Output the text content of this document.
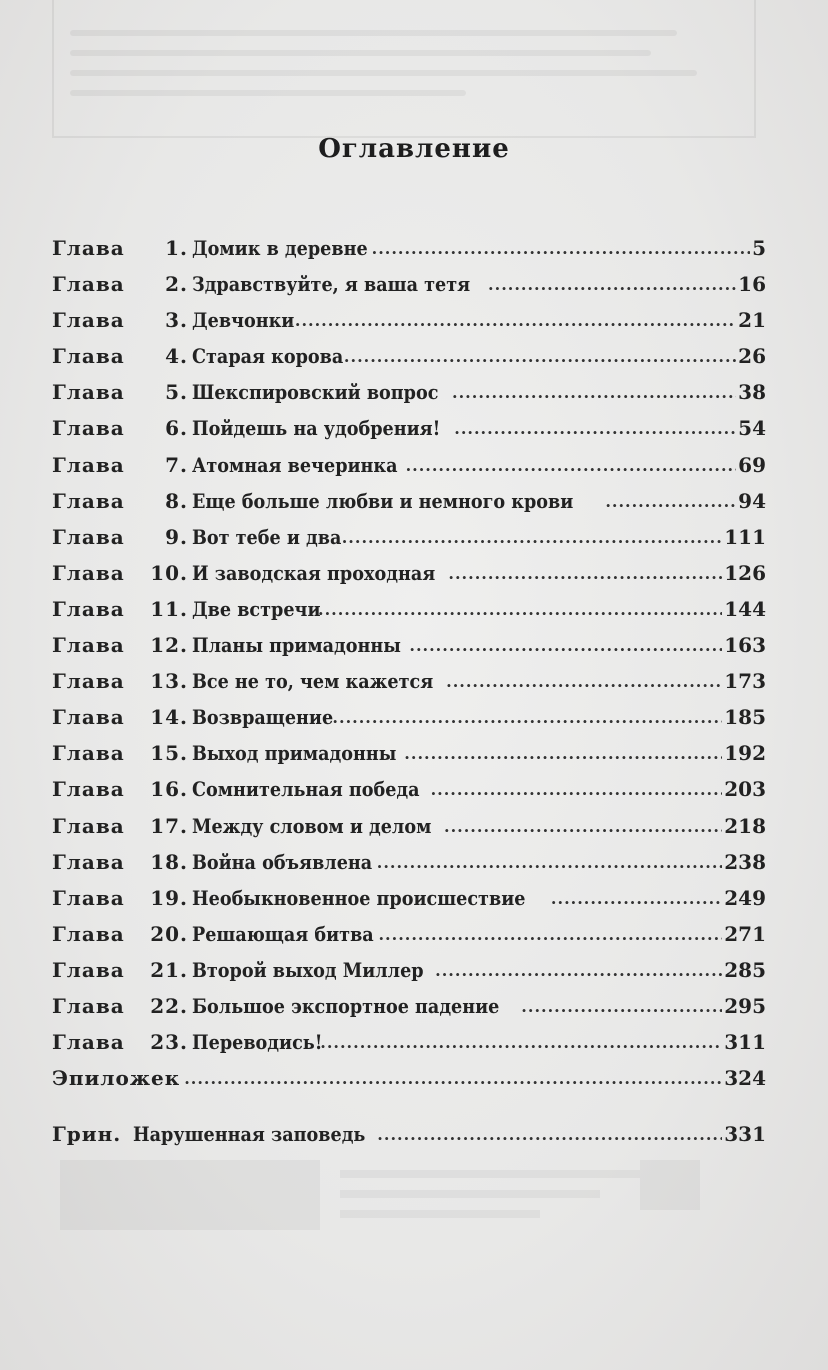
Оглавление
Глава	1. Домик в деревне .....	5
Глава	2. Здравствуйте, я ваша тетя .....	16
Глава	3. Девчонки .....	21
Глава	4. Старая корова .....	26
Глава	5. Шекспировский вопрос .....	38
Глава	6. Пойдешь на удобрения! .....	54
Глава	7. Атомная вечеринка .....	69
Глава	8. Еще больше любви и немного крови .....	94
Глава	9. Вот тебе и два .....	111
Глава	10. И заводская проходная .....	126
Глава	11. Две встречи .....	144
Глава	12. Планы примадонны .....	163
Глава	13. Все не то, чем кажется .....	173
Глава	14. Возвращение .....	185
Глава	15. Выход примадонны .....	192
Глава	16. Сомнительная победа .....	203
Глава	17. Между словом и делом .....	218
Глава	18. Война объявлена .....	238
Глава	19. Необыкновенное происшествие .....	249
Глава	20. Решающая битва .....	271
Глава	21. Второй выход Миллер .....	285
Глава	22. Большое экспортное падение .....	295
Глава	23. Переводись! .....	311
Эпиложек .....	324
Грин. Нарушенная заповедь .....	331
